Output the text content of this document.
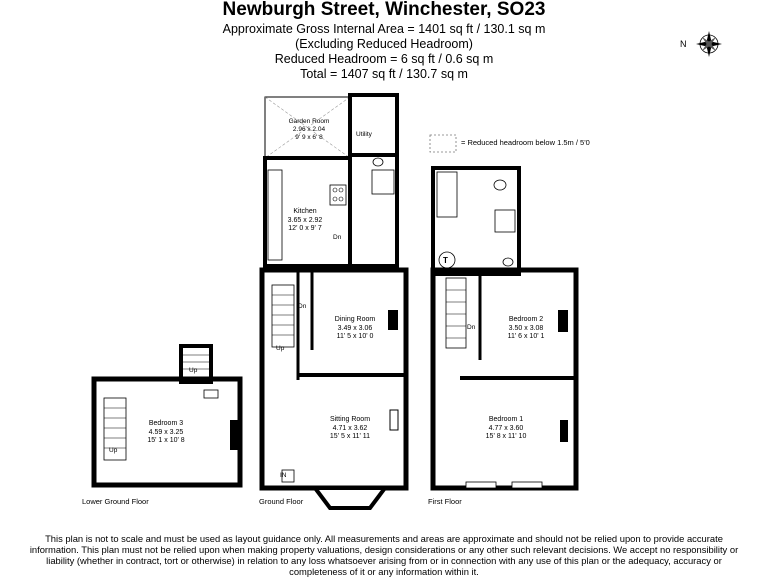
Newburgh Street, Winchester, SO23
Approximate Gross Internal Area = 1401 sq ft / 130.1 sq m
(Excluding Reduced Headroom)
Reduced Headroom = 6 sq ft / 0.6 sq m
Total = 1407 sq ft / 130.7 sq m
= Reduced headroom below 1.5m / 5'0
N
Bedroom 3
4.59 x 3.25
15' 1 x 10' 8
Garden Room
2.96 x 2.04
9' 9 x 6' 8
Kitchen
3.65 x 2.92
12' 0 x 9' 7
Dining Room
3.49 x 3.06
11' 5 x 10' 0
Sitting Room
4.71 x 3.62
15' 5 x 11' 11
Bedroom 2
3.50 x 3.08
11' 6 x 10' 1
Bedroom 1
4.77 x 3.60
15' 8 x 11' 10
Utility
Dn
Dn
Up
IN
Up
Up
Dn
T
Lower Ground Floor	Ground Floor	First Floor
This plan is not to scale and must be used as layout guidance only. All measurements and areas are approximate and should not be relied upon to provide accurate information. This plan must not be relied upon when making property valuations, design considerations or any other such relevant decisions. We accept no responsibility or liability (whether in contract, tort or otherwise) in relation to any loss whatsoever arising from or in connection with any use of this plan or the adequacy, accuracy or completeness of it or any information within it.
